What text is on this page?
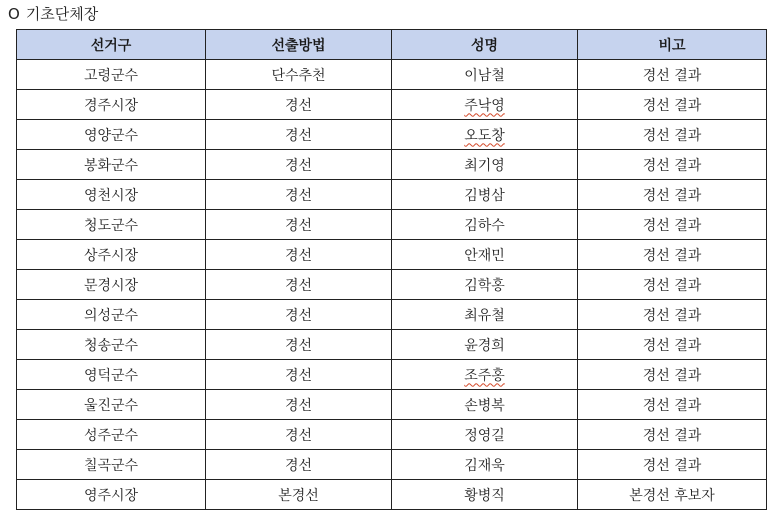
O 기초단체장
선거구	선출방법	성명	비고
고령군수	단수추천	이남철	경선 결과
경주시장	경선	주낙영	경선 결과
영양군수	경선	오도창	경선 결과
봉화군수	경선	최기영	경선 결과
영천시장	경선	김병삼	경선 결과
청도군수	경선	김하수	경선 결과
상주시장	경선	안재민	경선 결과
문경시장	경선	김학홍	경선 결과
의성군수	경선	최유철	경선 결과
청송군수	경선	윤경희	경선 결과
영덕군수	경선	조주홍	경선 결과
울진군수	경선	손병복	경선 결과
성주군수	경선	정영길	경선 결과
칠곡군수	경선	김재욱	경선 결과
영주시장	본경선	황병직	본경선 후보자
